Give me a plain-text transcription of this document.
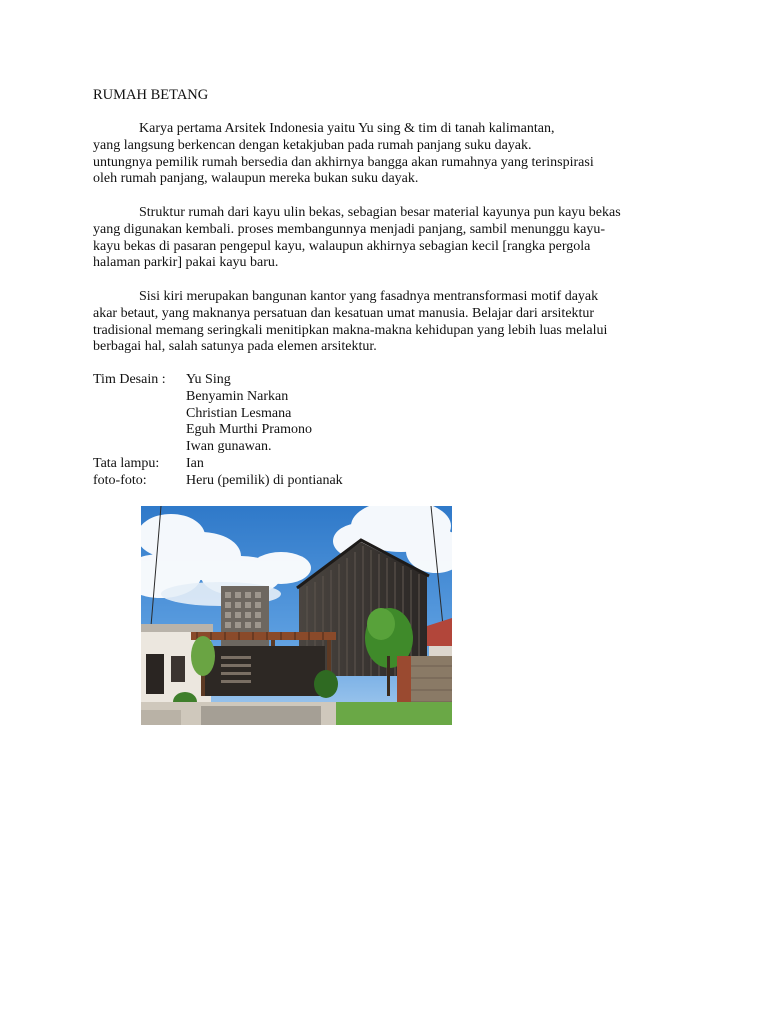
RUMAH BETANG
Karya pertama Arsitek Indonesia yaitu Yu sing & tim di tanah kalimantan,
yang langsung berkencan dengan ketakjuban pada rumah panjang suku dayak.
untungnya pemilik rumah bersedia dan akhirnya bangga akan rumahnya yang terinspirasi
oleh rumah panjang, walaupun mereka bukan suku dayak.
Struktur rumah dari kayu ulin bekas, sebagian besar material kayunya pun kayu bekas
yang digunakan kembali. proses membangunnya menjadi panjang, sambil menunggu kayu-
kayu bekas di pasaran pengepul kayu, walaupun akhirnya sebagian kecil [rangka pergola
halaman parkir] pakai kayu baru.
Sisi kiri merupakan bangunan kantor yang fasadnya mentransformasi motif dayak
akar betaut, yang maknanya persatuan dan kesatuan umat manusia. Belajar dari arsitektur
tradisional memang seringkali menitipkan makna-makna kehidupan yang lebih luas melalui
berbagai hal, salah satunya pada elemen arsitektur.
Tim Desain : Yu Sing
Benyamin Narkan
Christian Lesmana
Eguh Murthi Pramono
Iwan gunawan.
Tata lampu: Ian
foto-foto:	Heru (pemilik) di pontianak
